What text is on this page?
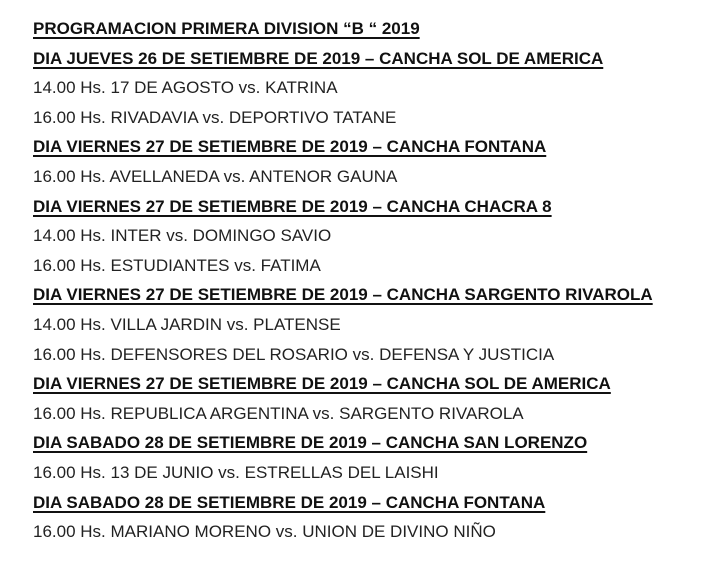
PROGRAMACION PRIMERA DIVISION “B “ 2019
DIA JUEVES 26 DE SETIEMBRE DE 2019 – CANCHA SOL DE AMERICA
14.00 Hs. 17 DE AGOSTO vs. KATRINA
16.00 Hs. RIVADAVIA vs. DEPORTIVO TATANE
DIA VIERNES 27 DE SETIEMBRE DE 2019 – CANCHA FONTANA
16.00 Hs. AVELLANEDA vs. ANTENOR GAUNA
DIA VIERNES 27 DE SETIEMBRE DE 2019 – CANCHA CHACRA 8
14.00 Hs. INTER vs. DOMINGO SAVIO
16.00 Hs. ESTUDIANTES vs. FATIMA
DIA VIERNES 27 DE SETIEMBRE DE 2019 – CANCHA SARGENTO RIVAROLA
14.00 Hs. VILLA JARDIN vs. PLATENSE
16.00 Hs. DEFENSORES DEL ROSARIO vs. DEFENSA Y JUSTICIA
DIA VIERNES 27 DE SETIEMBRE DE 2019 – CANCHA SOL DE AMERICA
16.00 Hs. REPUBLICA ARGENTINA vs. SARGENTO RIVAROLA
DIA SABADO 28 DE SETIEMBRE DE 2019 – CANCHA SAN LORENZO
16.00 Hs. 13 DE JUNIO vs. ESTRELLAS DEL LAISHI
DIA SABADO 28 DE SETIEMBRE DE 2019 – CANCHA FONTANA
16.00 Hs. MARIANO MORENO vs. UNION DE DIVINO NIÑO
